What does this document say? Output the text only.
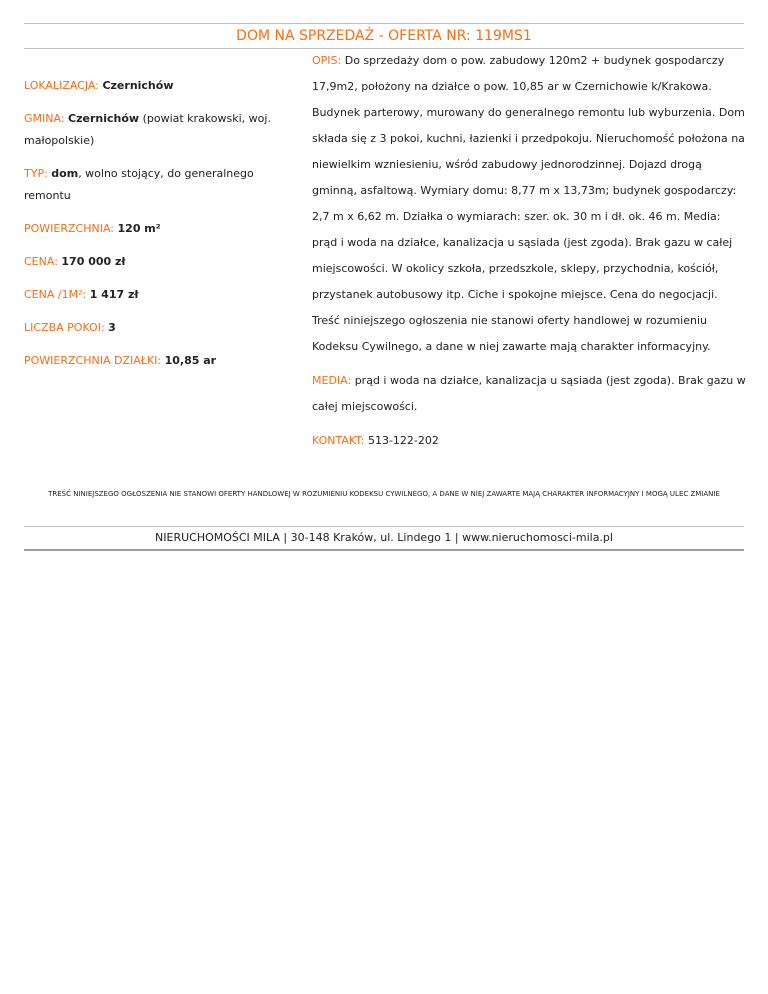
DOM NA SPRZEDAŻ - OFERTA NR: 119MS1
LOKALIZACJA: Czernichów
GMINA: Czernichów (powiat krakowski, woj. małopolskie)
TYP: dom, wolno stojący, do generalnego remontu
POWIERZCHNIA: 120 m²
CENA: 170 000 zł
CENA /1M²: 1 417 zł
LICZBA POKOI: 3
POWIERZCHNIA DZIAŁKI: 10,85 ar
OPIS: Do sprzedaży dom o pow. zabudowy 120m2 + budynek gospodarczy 17,9m2, położony na działce o pow. 10,85 ar w Czernichowie k/Krakowa. Budynek parterowy, murowany do generalnego remontu lub wyburzenia. Dom składa się z 3 pokoi, kuchni, łazienki i przedpokoju. Nieruchomość położona na niewielkim wzniesieniu, wśród zabudowy jednorodzinnej. Dojazd drogą gminną, asfaltową. Wymiary domu: 8,77 m x 13,73m; budynek gospodarczy: 2,7 m x 6,62 m. Działka o wymiarach: szer. ok. 30 m i dł. ok. 46 m. Media: prąd i woda na działce, kanalizacja u sąsiada (jest zgoda). Brak gazu w całej miejscowości. W okolicy szkoła, przedszkole, sklepy, przychodnia, kościół, przystanek autobusowy itp. Ciche i spokojne miejsce. Cena do negocjacji. Treść niniejszego ogłoszenia nie stanowi oferty handlowej w rozumieniu Kodeksu Cywilnego, a dane w niej zawarte mają charakter informacyjny.
MEDIA: prąd i woda na działce, kanalizacja u sąsiada (jest zgoda). Brak gazu w całej miejscowości.
KONTAKT: 513-122-202
TREŚĆ NINIEJSZEGO OGŁOSZENIA NIE STANOWI OFERTY HANDLOWEJ W ROZUMIENIU KODEKSU CYWILNEGO, A DANE W NIEJ ZAWARTE MAJĄ CHARAKTER INFORMACYJNY I MOGĄ ULEC ZMIANIE
NIERUCHOMOŚCI MILA | 30-148 Kraków, ul. Lindego 1 | www.nieruchomosci-mila.pl
